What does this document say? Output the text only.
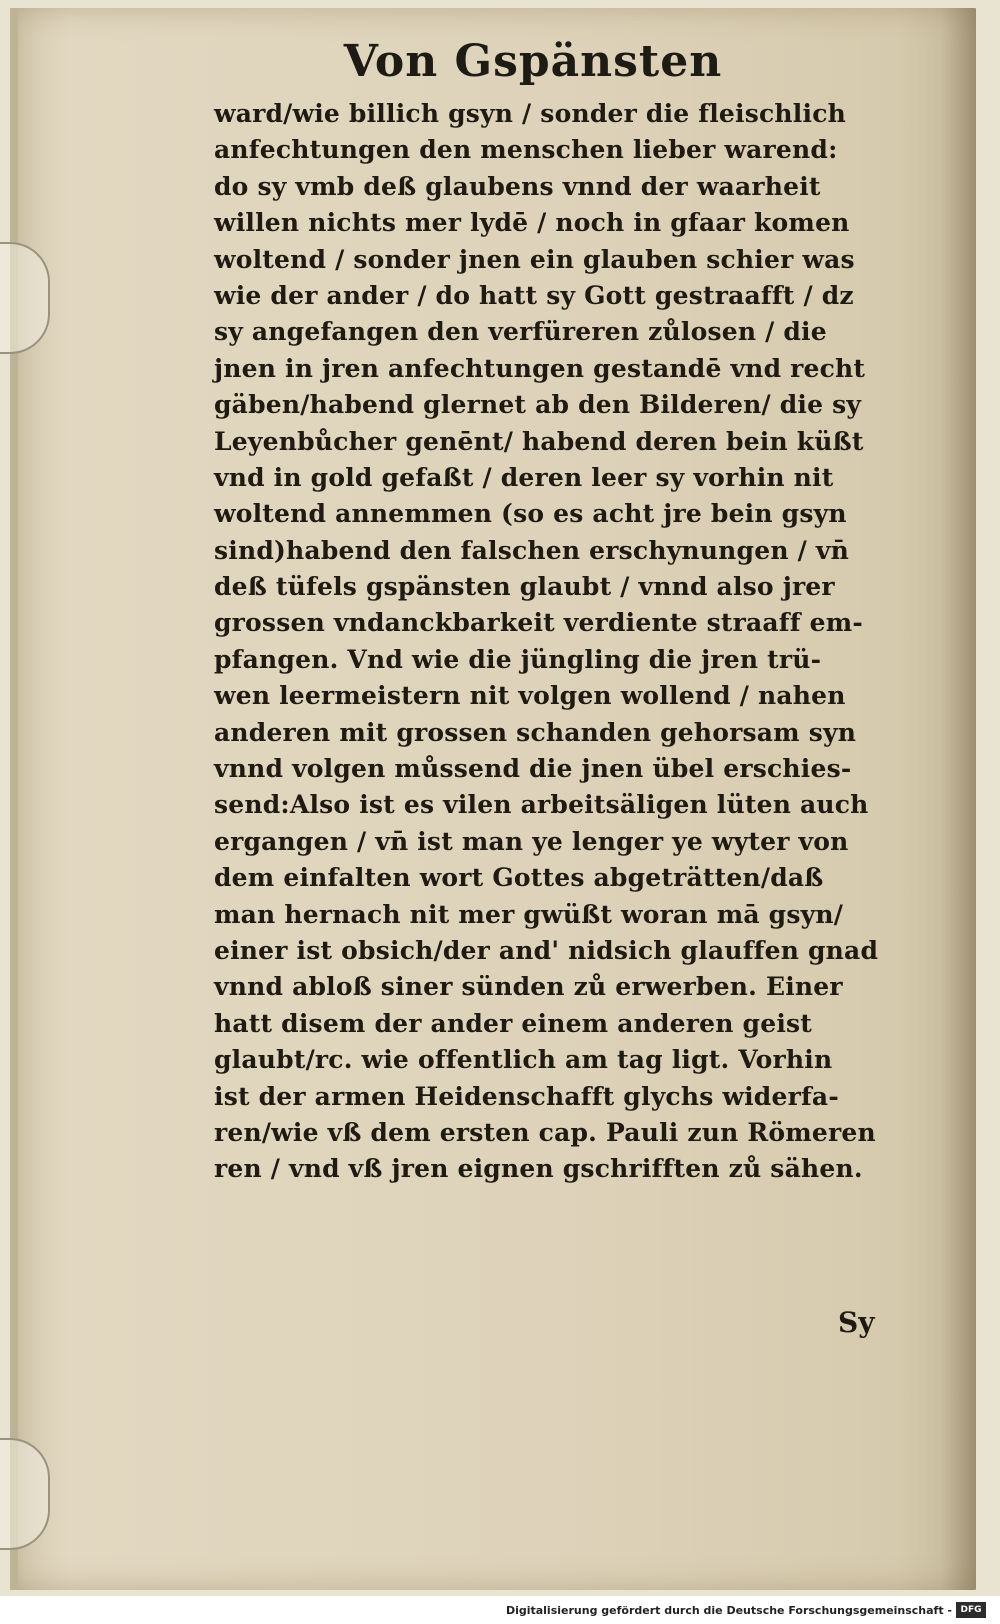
Von Gspänsten
ward/wie billich gsyn / sonder die fleischlich
anfechtungen den menschen lieber warend:
do sy vmb deß glaubens vnnd der waarheit
willen nichts mer lydē / noch in gfaar komen
woltend / sonder jnen ein glauben schier was
wie der ander / do hatt sy Gott gestraafft / dz
sy angefangen den verfüreren zůlosen / die
jnen in jren anfechtungen gestandē vnd recht
gäben/habend glernet ab den Bilderen/ die sy
Leyenbůcher genēnt/ habend deren bein küßt
vnd in gold gefaßt / deren leer sy vorhin nit
woltend annemmen (so es acht jre bein gsyn
sind)habend den falschen erschynungen / vn̄
deß tüfels gspänsten glaubt / vnnd also jrer
grossen vndanckbarkeit verdiente straaff em-
pfangen. Vnd wie die jüngling die jren trü-
wen leermeistern nit volgen wollend / nahen
anderen mit grossen schanden gehorsam syn
vnnd volgen můssend die jnen übel erschies-
send:Also ist es vilen arbeitsäligen lüten auch
ergangen / vn̄ ist man ye lenger ye wyter von
dem einfalten wort Gottes abgeträtten/daß
man hernach nit mer gwüßt woran mā gsyn/
einer ist obsich/der and' nidsich glauffen gnad
vnnd abloß siner sünden zů erwerben. Einer
hatt disem der ander einem anderen geist
glaubt/rc. wie offentlich am tag ligt. Vorhin
ist der armen Heidenschafft glychs widerfa-
ren/wie vß dem ersten cap. Pauli zun Römeren
ren / vnd vß jren eignen gschrifften zů sähen.
Sy
Digitalisierung gefördert durch die Deutsche Forschungsgemeinschaft - DFG
